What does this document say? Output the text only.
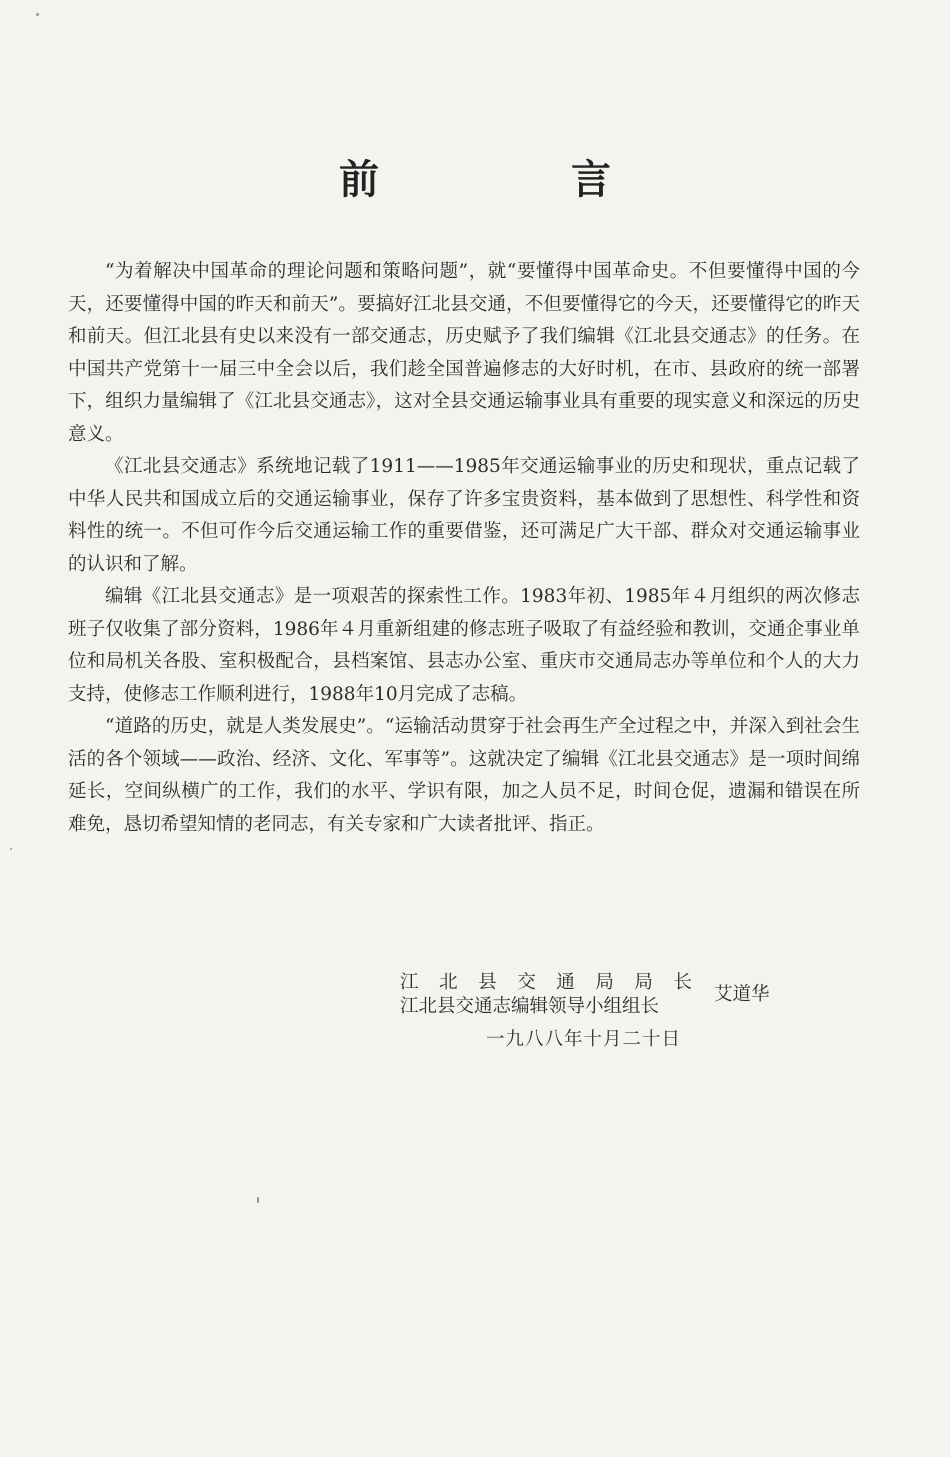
前　言

“为着解决中国革命的理论问题和策略问题”，就“要懂得中国革命史。不但要懂得中国的今天，还要懂得中国的昨天和前天”。要搞好江北县交通，不但要懂得它的今天，还要懂得它的昨天和前天。但江北县有史以来没有一部交通志，历史赋予了我们编辑《江北县交通志》的任务。在中国共产党第十一届三中全会以后，我们趁全国普遍修志的大好时机，在市、县政府的统一部署下，组织力量编辑了《江北县交通志》，这对全县交通运输事业具有重要的现实意义和深远的历史意义。

《江北县交通志》系统地记载了1911——1985年交通运输事业的历史和现状，重点记载了中华人民共和国成立后的交通运输事业，保存了许多宝贵资料，基本做到了思想性、科学性和资料性的统一。不但可作今后交通运输工作的重要借鉴，还可满足广大干部、群众对交通运输事业的认识和了解。

编辑《江北县交通志》是一项艰苦的探索性工作。1983年初、1985年４月组织的两次修志班子仅收集了部分资料，1986年４月重新组建的修志班子吸取了有益经验和教训，交通企事业单位和局机关各股、室积极配合，县档案馆、县志办公室、重庆市交通局志办等单位和个人的大力支持，使修志工作顺利进行，1988年10月完成了志稿。

“道路的历史，就是人类发展史”。“运输活动贯穿于社会再生产全过程之中，并深入到社会生活的各个领域——政治、经济、文化、军事等”。这就决定了编辑《江北县交通志》是一项时间绵延长，空间纵横广的工作，我们的水平、学识有限，加之人员不足，时间仓促，遗漏和错误在所难免，恳切希望知情的老同志，有关专家和广大读者批评、指正。

江北县交通局局长
江北县交通志编辑领导小组组长
艾道华
一九八八年十月二十日
